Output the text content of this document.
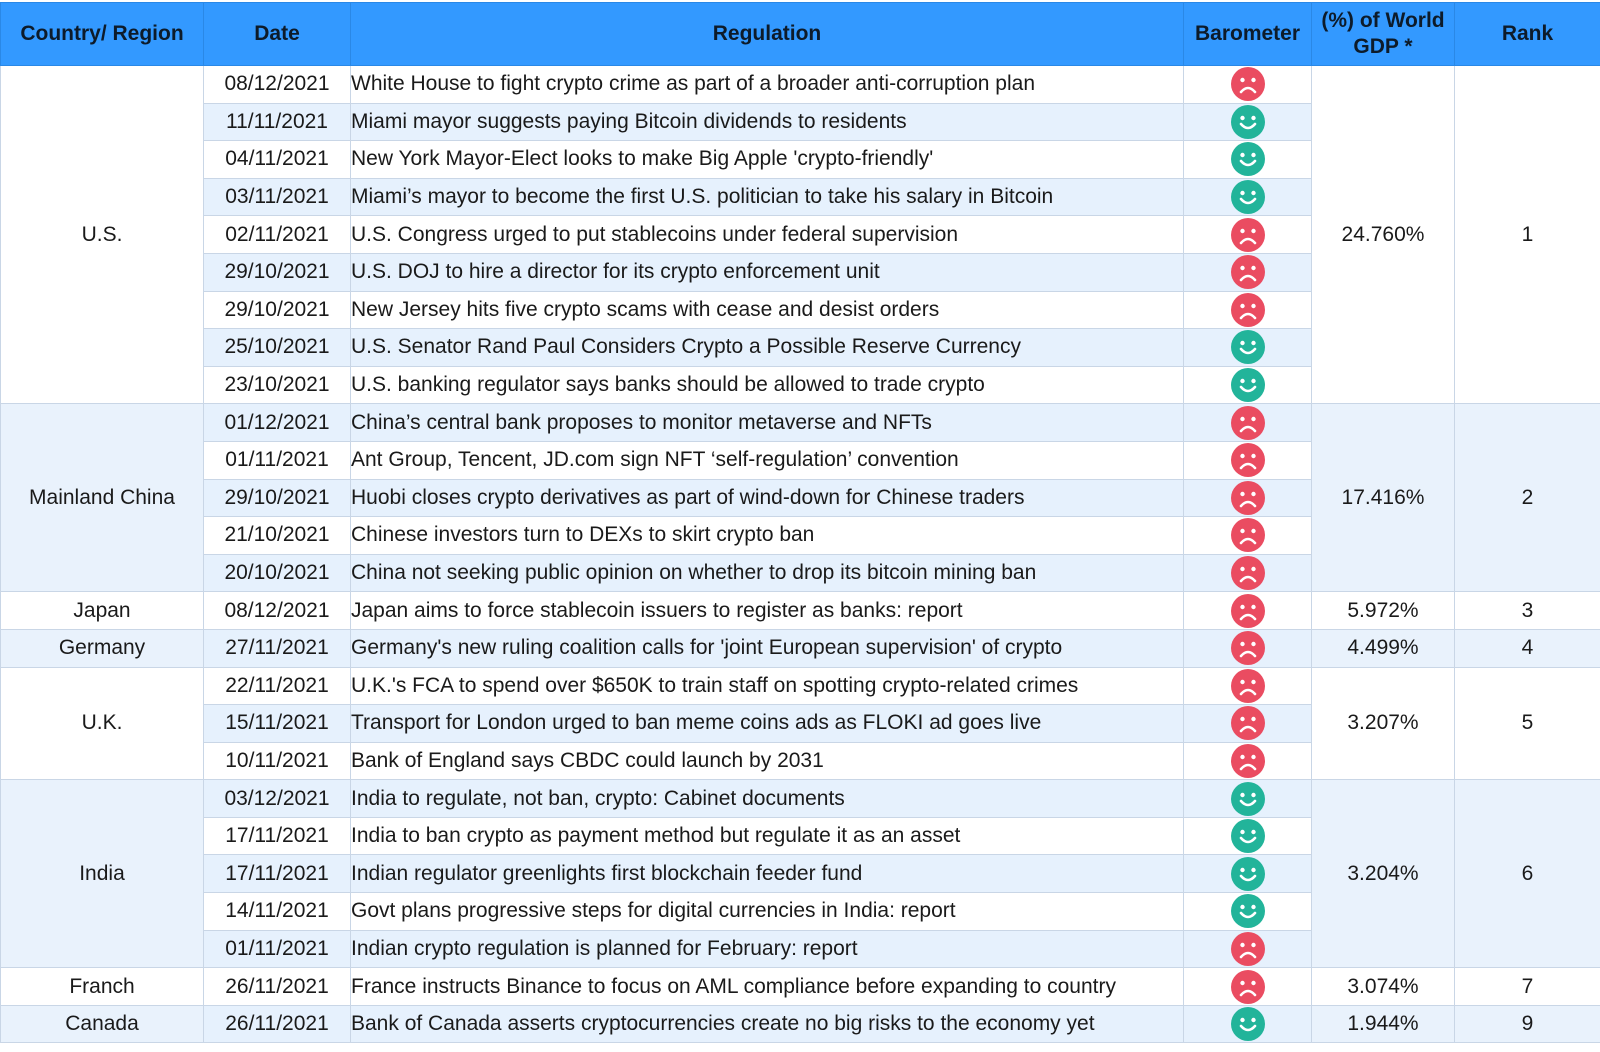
Country/ Region	Date	Regulation	Barometer	(%) of World
GDP *	Rank
U.S.	08/12/2021	White House to fight crypto crime as part of a broader anti-corruption plan		24.760%	1
	11/11/2021	Miami mayor suggests paying Bitcoin dividends to residents	

	04/11/2021	New York Mayor-Elect looks to make Big Apple 'crypto-friendly'	

	03/11/2021	Miami’s mayor to become the first U.S. politician to take his salary in Bitcoin	

	02/11/2021	U.S. Congress urged to put stablecoins under federal supervision	

	29/10/2021	U.S. DOJ to hire a director for its crypto enforcement unit	

	29/10/2021	New Jersey hits five crypto scams with cease and desist orders	

	25/10/2021	U.S. Senator Rand Paul Considers Crypto a Possible Reserve Currency	

	23/10/2021	U.S. banking regulator says banks should be allowed to trade crypto	

Mainland China	01/12/2021	China’s central bank proposes to monitor metaverse and NFTs		17.416%	2
	01/11/2021	Ant Group, Tencent, JD.com sign NFT ‘self-regulation’ convention	

	29/10/2021	Huobi closes crypto derivatives as part of wind-down for Chinese traders	

	21/10/2021	Chinese investors turn to DEXs to skirt crypto ban	

	20/10/2021	China not seeking public opinion on whether to drop its bitcoin mining ban	

Japan	08/12/2021	Japan aims to force stablecoin issuers to register as banks: report		5.972%	3
Germany	27/11/2021	Germany's new ruling coalition calls for 'joint European supervision' of crypto		4.499%	4
U.K.	22/11/2021	U.K.'s FCA to spend over $650K to train staff on spotting crypto-related crimes		3.207%	5
	15/11/2021	Transport for London urged to ban meme coins ads as FLOKI ad goes live	

	10/11/2021	Bank of England says CBDC could launch by 2031	

India	03/12/2021	India to regulate, not ban, crypto: Cabinet documents		3.204%	6
	17/11/2021	India to ban crypto as payment method but regulate it as an asset	

	17/11/2021	Indian regulator greenlights first blockchain feeder fund	

	14/11/2021	Govt plans progressive steps for digital currencies in India: report	

	01/11/2021	Indian crypto regulation is planned for February: report	

Franch	26/11/2021	France instructs Binance to focus on AML compliance before expanding to country		3.074%	7
Canada	26/11/2021	Bank of Canada asserts cryptocurrencies create no big risks to the economy yet		1.944%	9
